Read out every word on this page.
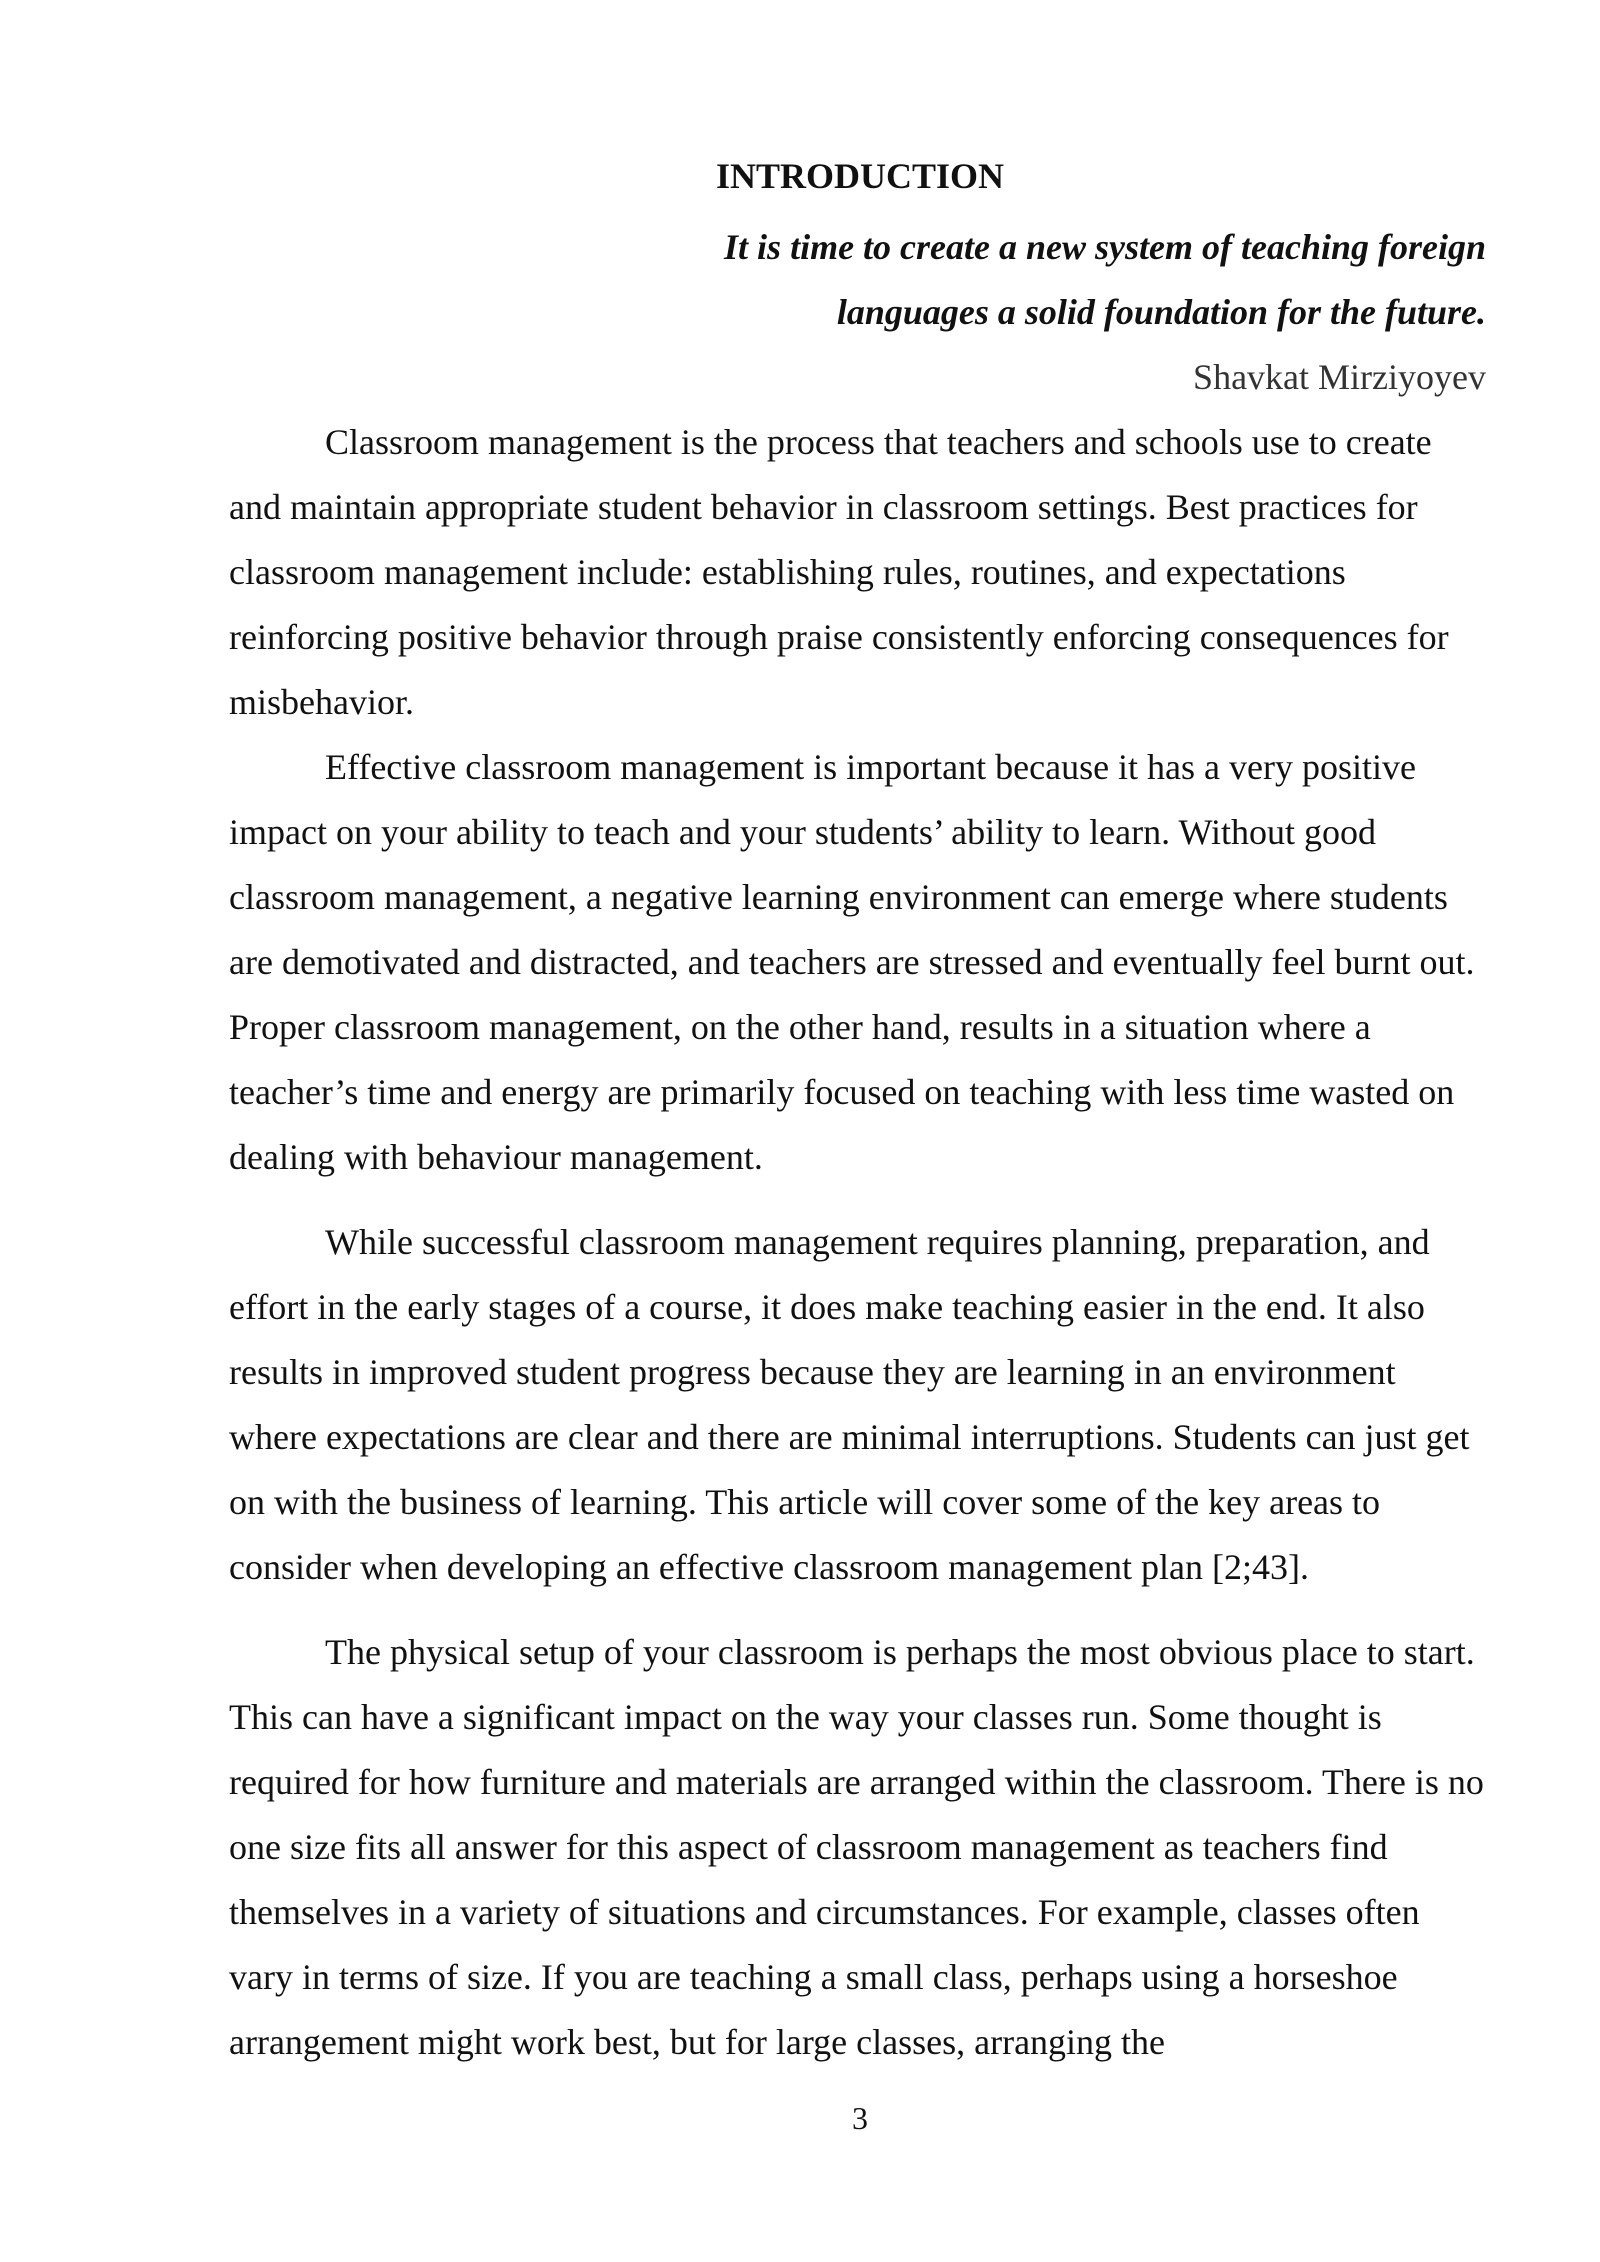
INTRODUCTION
It is time to create a new system of teaching foreign
languages a solid foundation for the future.
Shavkat Mirziyoyev

Classroom management is the process that teachers and schools use to create and maintain appropriate student behavior in classroom settings. Best practices for classroom management include: establishing rules, routines, and expectations reinforcing positive behavior through praise consistently enforcing consequences for misbehavior.

Effective classroom management is important because it has a very positive impact on your ability to teach and your students’ ability to learn. Without good classroom management, a negative learning environment can emerge where students are demotivated and distracted, and teachers are stressed and eventually feel burnt out. Proper classroom management, on the other hand, results in a situation where a teacher’s time and energy are primarily focused on teaching with less time wasted on dealing with behaviour management.

While successful classroom management requires planning, preparation, and effort in the early stages of a course, it does make teaching easier in the end. It also results in improved student progress because they are learning in an environment where expectations are clear and there are minimal interruptions. Students can just get on with the business of learning. This article will cover some of the key areas to consider when developing an effective classroom management plan [2;43].

The physical setup of your classroom is perhaps the most obvious place to start. This can have a significant impact on the way your classes run. Some thought is required for how furniture and materials are arranged within the classroom. There is no one size fits all answer for this aspect of classroom management as teachers find themselves in a variety of situations and circumstances. For example, classes often vary in terms of size. If you are teaching a small class, perhaps using a horseshoe arrangement might work best, but for large classes, arranging the

3
